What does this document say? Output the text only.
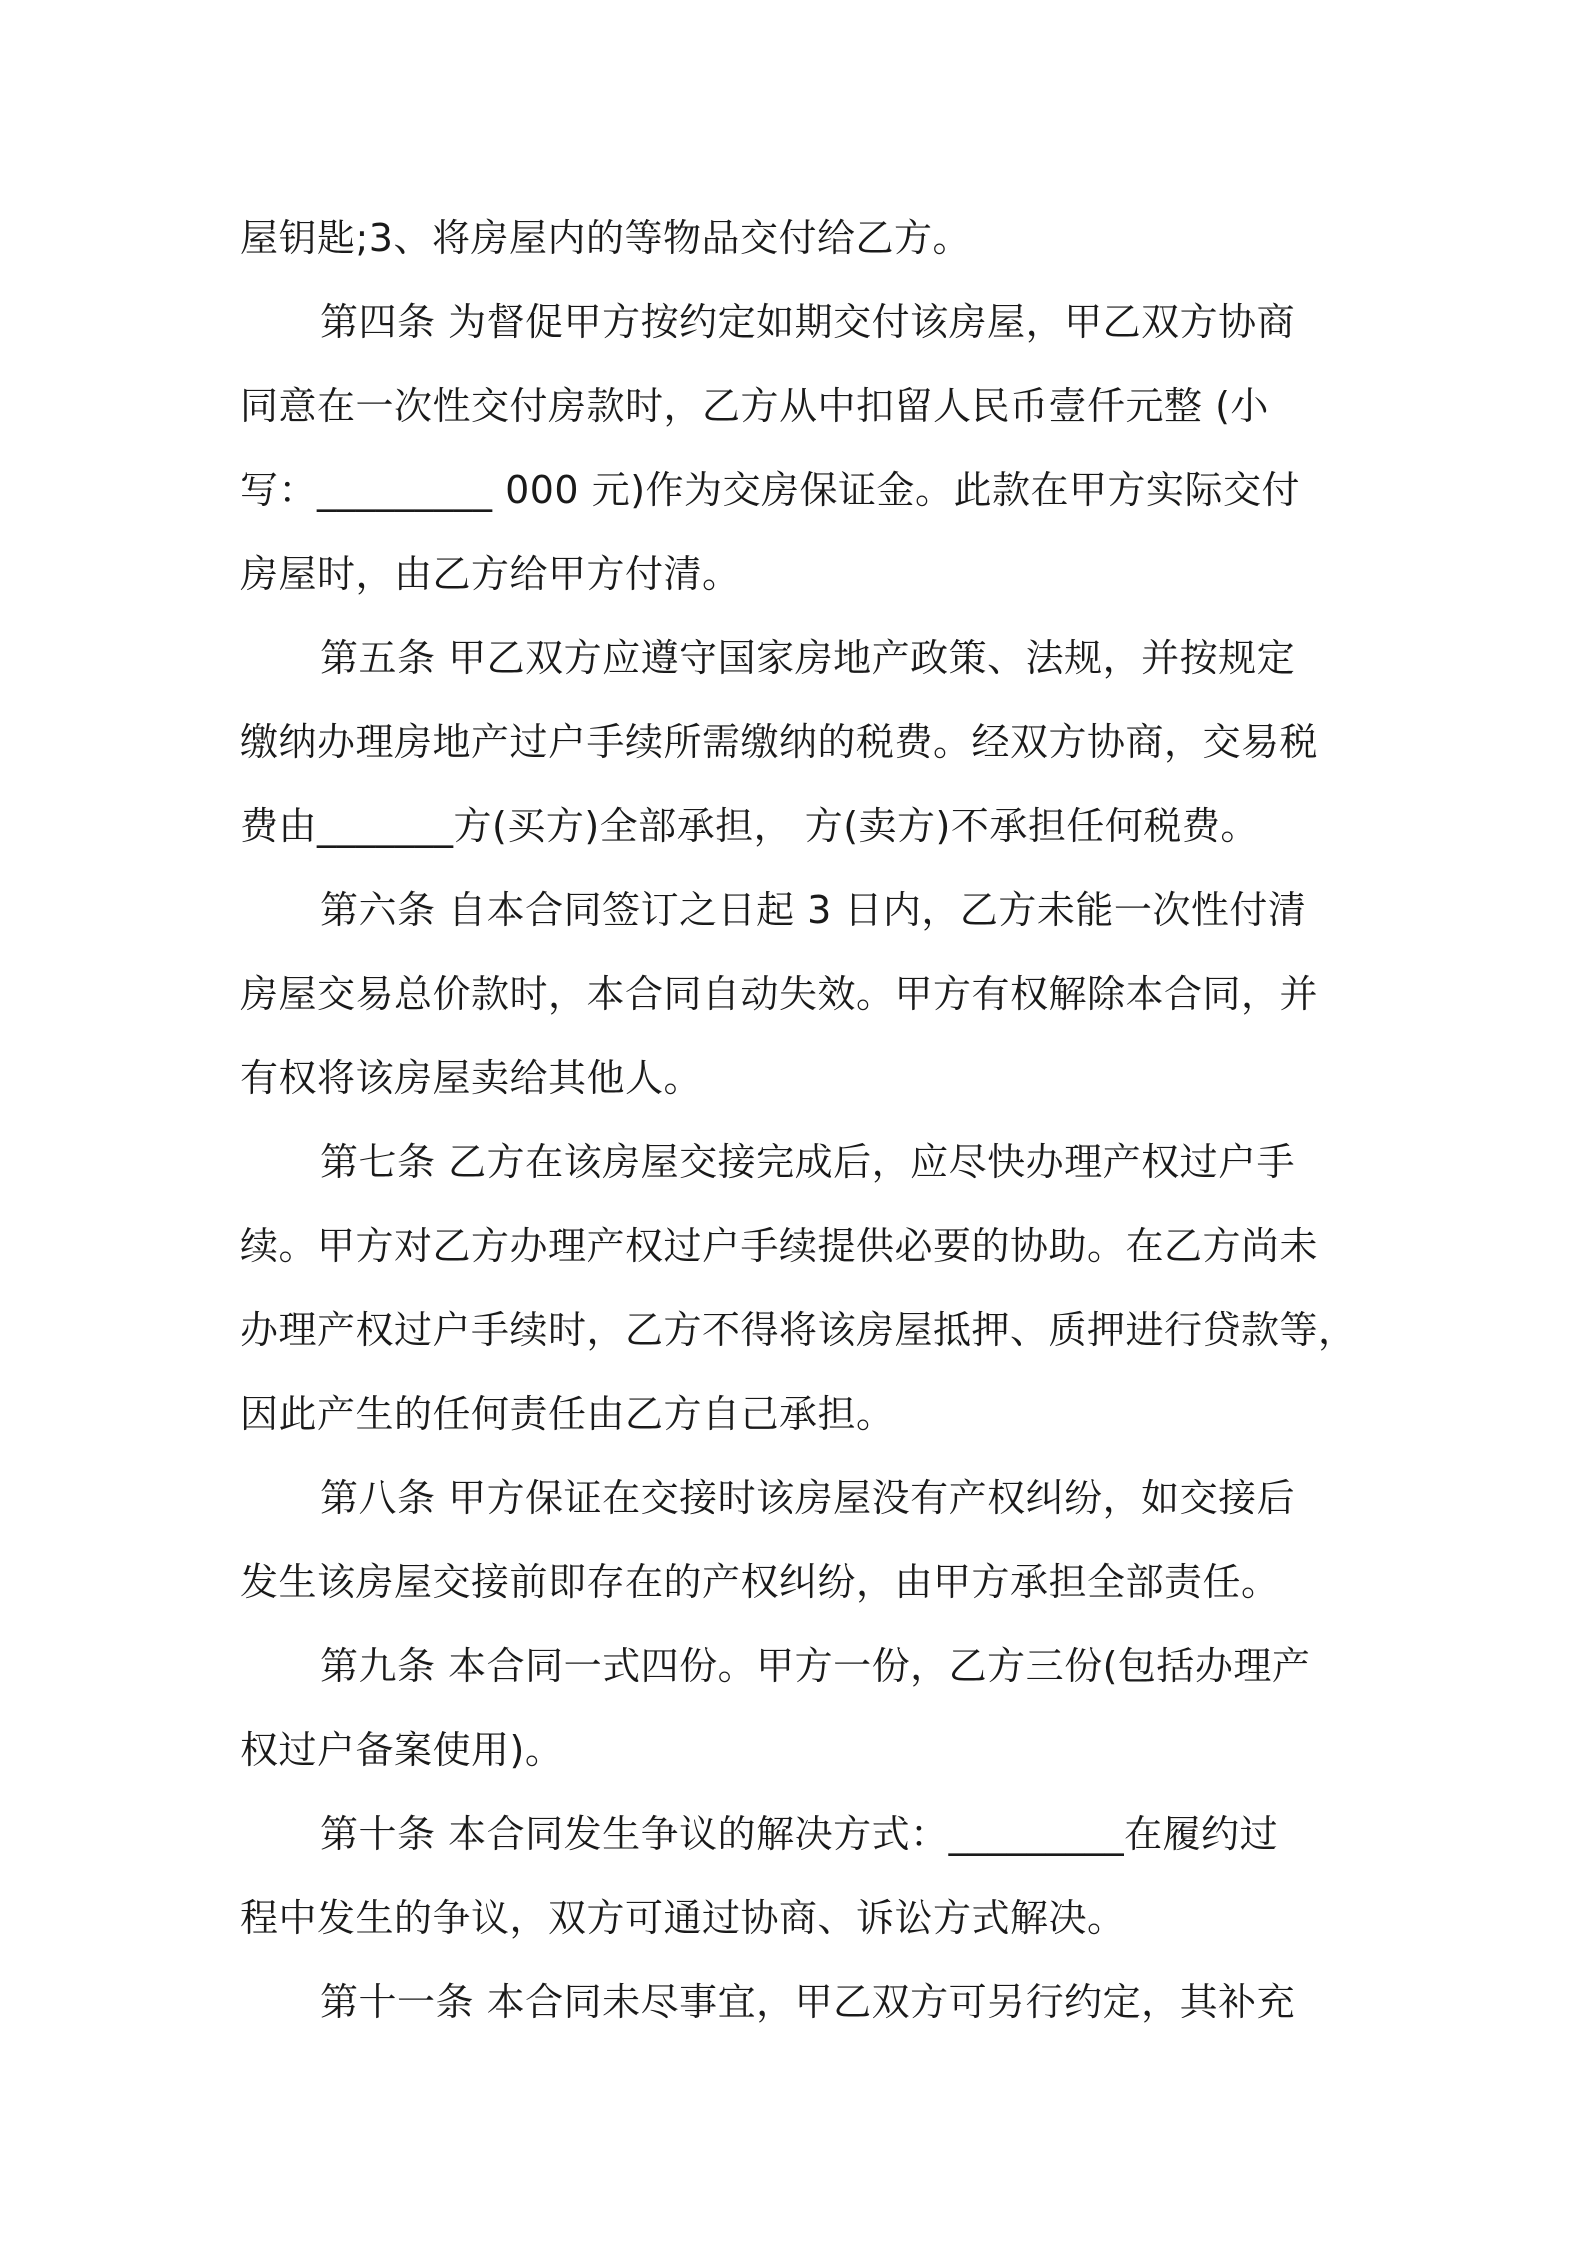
屋钥匙;3、将房屋内的等物品交付给乙方。
第四条 为督促甲方按约定如期交付该房屋，甲乙双方协商
同意在一次性交付房款时，乙方从中扣留人民币壹仟元整 (小
写：_________ 000 元)作为交房保证金。此款在甲方实际交付
房屋时，由乙方给甲方付清。
第五条 甲乙双方应遵守国家房地产政策、法规，并按规定
缴纳办理房地产过户手续所需缴纳的税费。经双方协商，交易税
费由_______方(买方)全部承担， 方(卖方)不承担任何税费。
第六条 自本合同签订之日起 3 日内，乙方未能一次性付清
房屋交易总价款时，本合同自动失效。甲方有权解除本合同，并
有权将该房屋卖给其他人。
第七条 乙方在该房屋交接完成后，应尽快办理产权过户手
续。甲方对乙方办理产权过户手续提供必要的协助。在乙方尚未
办理产权过户手续时，乙方不得将该房屋抵押、质押进行贷款等，
因此产生的任何责任由乙方自己承担。
第八条 甲方保证在交接时该房屋没有产权纠纷，如交接后
发生该房屋交接前即存在的产权纠纷，由甲方承担全部责任。
第九条 本合同一式四份。甲方一份，乙方三份(包括办理产
权过户备案使用)。
第十条 本合同发生争议的解决方式：_________在履约过
程中发生的争议，双方可通过协商、诉讼方式解决。
第十一条 本合同未尽事宜，甲乙双方可另行约定，其补充
